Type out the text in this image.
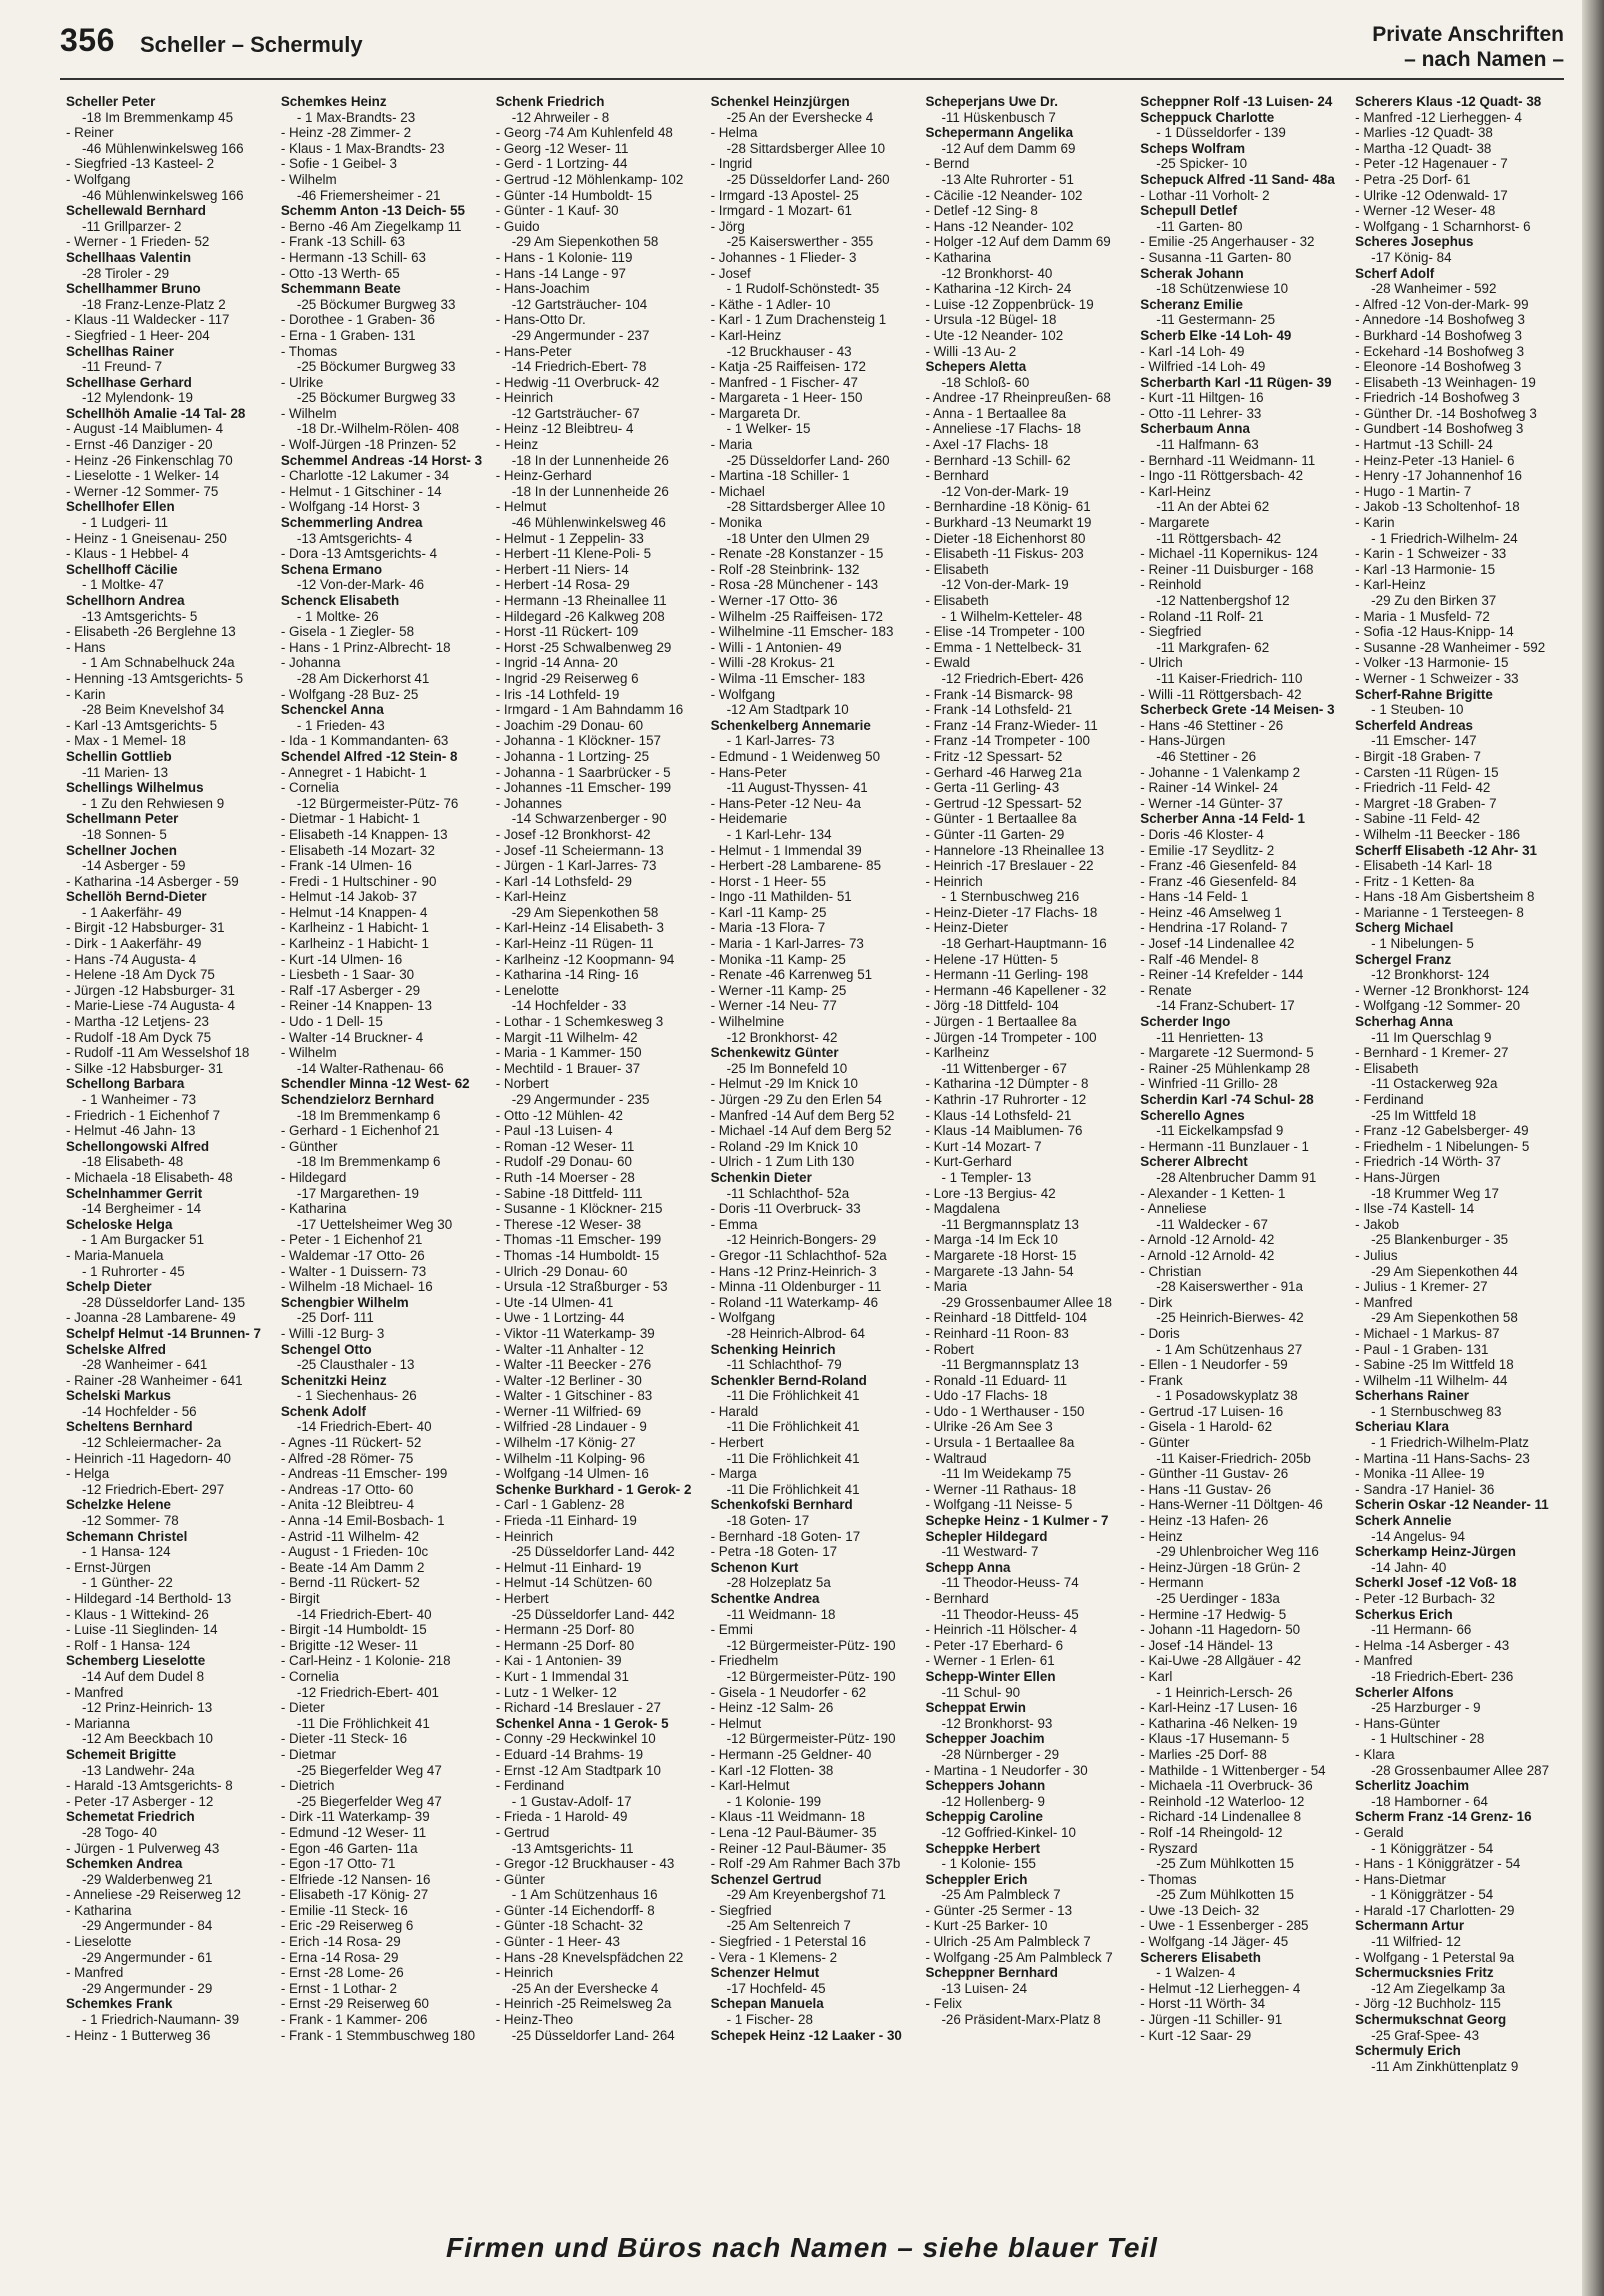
356 Scheller – Schermuly	Private Anschriften
– nach Namen –
Scheller Peter
-18 Im Bremmenkamp 45
- Reiner
-46 Mühlenwinkelsweg 166
- Siegfried -13 Kasteel- 2
- Wolfgang
-46 Mühlenwinkelsweg 166
Schellewald Bernhard
-11 Grillparzer- 2
- Werner - 1 Frieden- 52
Schellhaas Valentin
-28 Tiroler - 29
Schellhammer Bruno
-18 Franz-Lenze-Platz 2
- Klaus -11 Waldecker - 117
- Siegfried - 1 Heer- 204
Schellhas Rainer
-11 Freund- 7
Schellhase Gerhard
-12 Mylendonk- 19
Schellhöh Amalie -14 Tal- 28
- August -14 Maiblumen- 4
- Ernst -46 Danziger - 20
- Heinz -26 Finkenschlag 70
- Lieselotte - 1 Welker- 14
- Werner -12 Sommer- 75
Schellhofer Ellen
- 1 Ludgeri- 11
- Heinz - 1 Gneisenau- 250
- Klaus - 1 Hebbel- 4
Schellhoff Cäcilie
- 1 Moltke- 47
Schellhorn Andrea
-13 Amtsgerichts- 5
- Elisabeth -26 Berglehne 13
- Hans
- 1 Am Schnabelhuck 24a
- Henning -13 Amtsgerichts- 5
- Karin
-28 Beim Knevelshof 34
- Karl -13 Amtsgerichts- 5
- Max - 1 Memel- 18
Schellin Gottlieb
-11 Marien- 13
Schellings Wilhelmus
- 1 Zu den Rehwiesen 9
Schellmann Peter
-18 Sonnen- 5
Schellner Jochen
-14 Asberger - 59
- Katharina -14 Asberger - 59
Schellöh Bernd-Dieter
- 1 Aakerfähr- 49
- Birgit -12 Habsburger- 31
- Dirk - 1 Aakerfähr- 49
- Hans -74 Augusta- 4
- Helene -18 Am Dyck 75
- Jürgen -12 Habsburger- 31
- Marie-Liese -74 Augusta- 4
- Martha -12 Letjens- 23
- Rudolf -18 Am Dyck 75
- Rudolf -11 Am Wesselshof 18
- Silke -12 Habsburger- 31
Schellong Barbara
- 1 Wanheimer - 73
- Friedrich - 1 Eichenhof 7
- Helmut -46 Jahn- 13
Schellongowski Alfred
-18 Elisabeth- 48
- Michaela -18 Elisabeth- 48
Schelnhammer Gerrit
-14 Bergheimer - 14
Scheloske Helga
- 1 Am Burgacker 51
- Maria-Manuela
- 1 Ruhrorter - 45
Schelp Dieter
-28 Düsseldorfer Land- 135
- Joanna -28 Lambarene- 49
Schelpf Helmut -14 Brunnen- 7
Schelske Alfred
-28 Wanheimer - 641
- Rainer -28 Wanheimer - 641
Schelski Markus
-14 Hochfelder - 56
Scheltens Bernhard
-12 Schleiermacher- 2a
- Heinrich -11 Hagedorn- 40
- Helga
-12 Friedrich-Ebert- 297
Schelzke Helene
-12 Sommer- 78
Schemann Christel
- 1 Hansa- 124
- Ernst-Jürgen
- 1 Günther- 22
- Hildegard -14 Berthold- 13
- Klaus - 1 Wittekind- 26
- Luise -11 Sieglinden- 14
- Rolf - 1 Hansa- 124
Schemberg Lieselotte
-14 Auf dem Dudel 8
- Manfred
-12 Prinz-Heinrich- 13
- Marianna
-12 Am Beeckbach 10
Schemeit Brigitte
-13 Landwehr- 24a
- Harald -13 Amtsgerichts- 8
- Peter -17 Asberger - 12
Schemetat Friedrich
-28 Togo- 40
- Jürgen - 1 Pulverweg 43
Schemken Andrea
-29 Walderbenweg 21
- Anneliese -29 Reiserweg 12
- Katharina
-29 Angermunder - 84
- Lieselotte
-29 Angermunder - 61
- Manfred
-29 Angermunder - 29
Schemkes Frank
- 1 Friedrich-Naumann- 39
- Heinz - 1 Butterweg 36
Schemkes Heinz
- 1 Max-Brandts- 23
- Heinz -28 Zimmer- 2
- Klaus - 1 Max-Brandts- 23
- Sofie - 1 Geibel- 3
- Wilhelm
-46 Friemersheimer - 21
Schemm Anton -13 Deich- 55
- Berno -46 Am Ziegelkamp 11
- Frank -13 Schill- 63
- Hermann -13 Schill- 63
- Otto -13 Werth- 65
Schemmann Beate
-25 Böckumer Burgweg 33
- Dorothee - 1 Graben- 36
- Erna - 1 Graben- 131
- Thomas
-25 Böckumer Burgweg 33
- Ulrike
-25 Böckumer Burgweg 33
- Wilhelm
-18 Dr.-Wilhelm-Rölen- 408
- Wolf-Jürgen -18 Prinzen- 52
Schemmel Andreas -14 Horst- 3
- Charlotte -12 Lakumer - 34
- Helmut - 1 Gitschiner - 14
- Wolfgang -14 Horst- 3
Schemmerling Andrea
-13 Amtsgerichts- 4
- Dora -13 Amtsgerichts- 4
Schena Ermano
-12 Von-der-Mark- 46
Schenck Elisabeth
- 1 Moltke- 26
- Gisela - 1 Ziegler- 58
- Hans - 1 Prinz-Albrecht- 18
- Johanna
-28 Am Dickerhorst 41
- Wolfgang -28 Buz- 25
Schenckel Anna
- 1 Frieden- 43
- Ida - 1 Kommandanten- 63
Schendel Alfred -12 Stein- 8
- Annegret - 1 Habicht- 1
- Cornelia
-12 Bürgermeister-Pütz- 76
- Dietmar - 1 Habicht- 1
- Elisabeth -14 Knappen- 13
- Elisabeth -14 Mozart- 32
- Frank -14 Ulmen- 16
- Fredi - 1 Hultschiner - 90
- Helmut -14 Jakob- 37
- Helmut -14 Knappen- 4
- Karlheinz - 1 Habicht- 1
- Karlheinz - 1 Habicht- 1
- Kurt -14 Ulmen- 16
- Liesbeth - 1 Saar- 30
- Ralf -17 Asberger - 29
- Reiner -14 Knappen- 13
- Udo - 1 Dell- 15
- Walter -14 Bruckner- 4
- Wilhelm
-14 Walter-Rathenau- 66
Schendler Minna -12 West- 62
Schendzielorz Bernhard
-18 Im Bremmenkamp 6
- Gerhard - 1 Eichenhof 21
- Günther
-18 Im Bremmenkamp 6
- Hildegard
-17 Margarethen- 19
- Katharina
-17 Uettelsheimer Weg 30
- Peter - 1 Eichenhof 21
- Waldemar -17 Otto- 26
- Walter - 1 Duissern- 73
- Wilhelm -18 Michael- 16
Schengbier Wilhelm
-25 Dorf- 111
- Willi -12 Burg- 3
Schengel Otto
-25 Clausthaler - 13
Schenitzki Heinz
- 1 Siechenhaus- 26
Schenk Adolf
-14 Friedrich-Ebert- 40
- Agnes -11 Rückert- 52
- Alfred -28 Römer- 75
- Andreas -11 Emscher- 199
- Andreas -17 Otto- 60
- Anita -12 Bleibtreu- 4
- Anna -14 Emil-Bosbach- 1
- Astrid -11 Wilhelm- 42
- August - 1 Frieden- 10c
- Beate -14 Am Damm 2
- Bernd -11 Rückert- 52
- Birgit
-14 Friedrich-Ebert- 40
- Birgit -14 Humboldt- 15
- Brigitte -12 Weser- 11
- Carl-Heinz - 1 Kolonie- 218
- Cornelia
-12 Friedrich-Ebert- 401
- Dieter
-11 Die Fröhlichkeit 41
- Dieter -11 Steck- 16
- Dietmar
-25 Biegerfelder Weg 47
- Dietrich
-25 Biegerfelder Weg 47
- Dirk -11 Waterkamp- 39
- Edmund -12 Weser- 11
- Egon -46 Garten- 11a
- Egon -17 Otto- 71
- Elfriede -12 Nansen- 16
- Elisabeth -17 König- 27
- Emilie -11 Steck- 16
- Eric -29 Reiserweg 6
- Erich -14 Rosa- 29
- Erna -14 Rosa- 29
- Ernst -28 Lome- 26
- Ernst - 1 Lothar- 2
- Ernst -29 Reiserweg 60
- Frank - 1 Kammer- 206
- Frank - 1 Stemmbuschweg 180
Schenk Friedrich
-12 Ahrweiler - 8
- Georg -74 Am Kuhlenfeld 48
- Georg -12 Weser- 11
- Gerd - 1 Lortzing- 44
- Gertrud -12 Möhlenkamp- 102
- Günter -14 Humboldt- 15
- Günter - 1 Kauf- 30
- Guido
-29 Am Siepenkothen 58
- Hans - 1 Kolonie- 119
- Hans -14 Lange - 97
- Hans-Joachim
-12 Gartsträucher- 104
- Hans-Otto Dr.
-29 Angermunder - 237
- Hans-Peter
-14 Friedrich-Ebert- 78
- Hedwig -11 Overbruck- 42
- Heinrich
-12 Gartsträucher- 67
- Heinz -12 Bleibtreu- 4
- Heinz
-18 In der Lunnenheide 26
- Heinz-Gerhard
-18 In der Lunnenheide 26
- Helmut
-46 Mühlenwinkelsweg 46
- Helmut - 1 Zeppelin- 33
- Herbert -11 Klene-Poli- 5
- Herbert -11 Niers- 14
- Herbert -14 Rosa- 29
- Hermann -13 Rheinallee 11
- Hildegard -26 Kalkweg 208
- Horst -11 Rückert- 109
- Horst -25 Schwalbenweg 29
- Ingrid -14 Anna- 20
- Ingrid -29 Reiserweg 6
- Iris -14 Lothfeld- 19
- Irmgard - 1 Am Bahndamm 16
- Joachim -29 Donau- 60
- Johanna - 1 Klöckner- 157
- Johanna - 1 Lortzing- 25
- Johanna - 1 Saarbrücker - 5
- Johannes -11 Emscher- 199
- Johannes
-14 Schwarzenberger - 90
- Josef -12 Bronkhorst- 42
- Josef -11 Scheiermann- 13
- Jürgen - 1 Karl-Jarres- 73
- Karl -14 Lothsfeld- 29
- Karl-Heinz
-29 Am Siepenkothen 58
- Karl-Heinz -14 Elisabeth- 3
- Karl-Heinz -11 Rügen- 11
- Karlheinz -12 Koopmann- 94
- Katharina -14 Ring- 16
- Lenelotte
-14 Hochfelder - 33
- Lothar - 1 Schemkesweg 3
- Margit -11 Wilhelm- 42
- Maria - 1 Kammer- 150
- Mechtild - 1 Brauer- 37
- Norbert
-29 Angermunder - 235
- Otto -12 Mühlen- 42
- Paul -13 Luisen- 4
- Roman -12 Weser- 11
- Rudolf -29 Donau- 60
- Ruth -14 Moerser - 28
- Sabine -18 Dittfeld- 111
- Susanne - 1 Klöckner- 215
- Therese -12 Weser- 38
- Thomas -11 Emscher- 199
- Thomas -14 Humboldt- 15
- Ulrich -29 Donau- 60
- Ursula -12 Straßburger - 53
- Ute -14 Ulmen- 41
- Uwe - 1 Lortzing- 44
- Viktor -11 Waterkamp- 39
- Walter -11 Anhalter - 12
- Walter -11 Beecker - 276
- Walter -12 Berliner - 30
- Walter - 1 Gitschiner - 83
- Werner -11 Wilfried- 69
- Wilfried -28 Lindauer - 9
- Wilhelm -17 König- 27
- Wilhelm -11 Kolping- 96
- Wolfgang -14 Ulmen- 16
Schenke Burkhard - 1 Gerok- 2
- Carl - 1 Gablenz- 28
- Frieda -11 Einhard- 19
- Heinrich
-25 Düsseldorfer Land- 442
- Helmut -11 Einhard- 19
- Helmut -14 Schützen- 60
- Herbert
-25 Düsseldorfer Land- 442
- Hermann -25 Dorf- 80
- Hermann -25 Dorf- 80
- Kai - 1 Antonien- 39
- Kurt - 1 Immendal 31
- Lutz - 1 Welker- 12
- Richard -14 Breslauer - 27
Schenkel Anna - 1 Gerok- 5
- Conny -29 Heckwinkel 10
- Eduard -14 Brahms- 19
- Ernst -12 Am Stadtpark 10
- Ferdinand
- 1 Gustav-Adolf- 17
- Frieda - 1 Harold- 49
- Gertrud
-13 Amtsgerichts- 11
- Gregor -12 Bruckhauser - 43
- Günter
- 1 Am Schützenhaus 16
- Günter -14 Eichendorff- 8
- Günter -18 Schacht- 32
- Günter - 1 Heer- 43
- Hans -28 Knevelspfädchen 22
- Heinrich
-25 An der Evershecke 4
- Heinrich -25 Reimelsweg 2a
- Heinz-Theo
-25 Düsseldorfer Land- 264
Schenkel Heinzjürgen
-25 An der Evershecke 4
- Helma
-28 Sittardsberger Allee 10
- Ingrid
-25 Düsseldorfer Land- 260
- Irmgard -13 Apostel- 25
- Irmgard - 1 Mozart- 61
- Jörg
-25 Kaiserswerther - 355
- Johannes - 1 Flieder- 3
- Josef
- 1 Rudolf-Schönstedt- 35
- Käthe - 1 Adler- 10
- Karl - 1 Zum Drachensteig 1
- Karl-Heinz
-12 Bruckhauser - 43
- Katja -25 Raiffeisen- 172
- Manfred - 1 Fischer- 47
- Margareta - 1 Heer- 150
- Margareta Dr.
- 1 Welker- 15
- Maria
-25 Düsseldorfer Land- 260
- Martina -18 Schiller- 1
- Michael
-28 Sittardsberger Allee 10
- Monika
-18 Unter den Ulmen 29
- Renate -28 Konstanzer - 15
- Rolf -28 Steinbrink- 132
- Rosa -28 Münchener - 143
- Werner -17 Otto- 36
- Wilhelm -25 Raiffeisen- 172
- Wilhelmine -11 Emscher- 183
- Willi - 1 Antonien- 49
- Willi -28 Krokus- 21
- Wilma -11 Emscher- 183
- Wolfgang
-12 Am Stadtpark 10
Schenkelberg Annemarie
- 1 Karl-Jarres- 73
- Edmund - 1 Weidenweg 50
- Hans-Peter
-11 August-Thyssen- 41
- Hans-Peter -12 Neu- 4a
- Heidemarie
- 1 Karl-Lehr- 134
- Helmut - 1 Immendal 39
- Herbert -28 Lambarene- 85
- Horst - 1 Heer- 55
- Ingo -11 Mathilden- 51
- Karl -11 Kamp- 25
- Maria -13 Flora- 7
- Maria - 1 Karl-Jarres- 73
- Monika -11 Kamp- 25
- Renate -46 Karrenweg 51
- Werner -11 Kamp- 25
- Werner -14 Neu- 77
- Wilhelmine
-12 Bronkhorst- 42
Schenkewitz Günter
-25 Im Bonnefeld 10
- Helmut -29 Im Knick 10
- Jürgen -29 Zu den Erlen 54
- Manfred -14 Auf dem Berg 52
- Michael -14 Auf dem Berg 52
- Roland -29 Im Knick 10
- Ulrich - 1 Zum Lith 130
Schenkin Dieter
-11 Schlachthof- 52a
- Doris -11 Overbruck- 33
- Emma
-12 Heinrich-Bongers- 29
- Gregor -11 Schlachthof- 52a
- Hans -12 Prinz-Heinrich- 3
- Minna -11 Oldenburger - 11
- Roland -11 Waterkamp- 46
- Wolfgang
-28 Heinrich-Albrod- 64
Schenking Heinrich
-11 Schlachthof- 79
Schenkler Bernd-Roland
-11 Die Fröhlichkeit 41
- Harald
-11 Die Fröhlichkeit 41
- Herbert
-11 Die Fröhlichkeit 41
- Marga
-11 Die Fröhlichkeit 41
Schenkofski Bernhard
-18 Goten- 17
- Bernhard -18 Goten- 17
- Petra -18 Goten- 17
Schenon Kurt
-28 Holzeplatz 5a
Schentke Andrea
-11 Weidmann- 18
- Emmi
-12 Bürgermeister-Pütz- 190
- Friedhelm
-12 Bürgermeister-Pütz- 190
- Gisela - 1 Neudorfer - 62
- Heinz -12 Salm- 26
- Helmut
-12 Bürgermeister-Pütz- 190
- Hermann -25 Geldner- 40
- Karl -12 Flotten- 38
- Karl-Helmut
- 1 Kolonie- 199
- Klaus -11 Weidmann- 18
- Lena -12 Paul-Bäumer- 35
- Reiner -12 Paul-Bäumer- 35
- Rolf -29 Am Rahmer Bach 37b
Schenzel Gertrud
-29 Am Kreyenbergshof 71
- Siegfried
-25 Am Seltenreich 7
- Siegfried - 1 Peterstal 16
- Vera - 1 Klemens- 2
Schenzer Helmut
-17 Hochfeld- 45
Schepan Manuela
- 1 Fischer- 28
Schepek Heinz -12 Laaker - 30
Scheperjans Uwe Dr.
-11 Hüskenbusch 7
Schepermann Angelika
-12 Auf dem Damm 69
- Bernd
-13 Alte Ruhrorter - 51
- Cäcilie -12 Neander- 102
- Detlef -12 Sing- 8
- Hans -12 Neander- 102
- Holger -12 Auf dem Damm 69
- Katharina
-12 Bronkhorst- 40
- Katharina -12 Kirch- 24
- Luise -12 Zoppenbrück- 19
- Ursula -12 Bügel- 18
- Ute -12 Neander- 102
- Willi -13 Au- 2
Schepers Aletta
-18 Schloß- 60
- Andree -17 Rheinpreußen- 68
- Anna - 1 Bertaallee 8a
- Anneliese -17 Flachs- 18
- Axel -17 Flachs- 18
- Bernhard -13 Schill- 62
- Bernhard
-12 Von-der-Mark- 19
- Bernhardine -18 König- 61
- Burkhard -13 Neumarkt 19
- Dieter -18 Eichenhorst 80
- Elisabeth -11 Fiskus- 203
- Elisabeth
-12 Von-der-Mark- 19
- Elisabeth
- 1 Wilhelm-Ketteler- 48
- Elise -14 Trompeter - 100
- Emma - 1 Nettelbeck- 31
- Ewald
-12 Friedrich-Ebert- 426
- Frank -14 Bismarck- 98
- Frank -14 Lothsfeld- 21
- Franz -14 Franz-Wieder- 11
- Franz -14 Trompeter - 100
- Fritz -12 Spessart- 52
- Gerhard -46 Harweg 21a
- Gerta -11 Gerling- 43
- Gertrud -12 Spessart- 52
- Günter - 1 Bertaallee 8a
- Günter -11 Garten- 29
- Hannelore -13 Rheinallee 13
- Heinrich -17 Breslauer - 22
- Heinrich
- 1 Sternbuschweg 216
- Heinz-Dieter -17 Flachs- 18
- Heinz-Dieter
-18 Gerhart-Hauptmann- 16
- Helene -17 Hütten- 5
- Hermann -11 Gerling- 198
- Hermann -46 Kapellener - 32
- Jörg -18 Dittfeld- 104
- Jürgen - 1 Bertaallee 8a
- Jürgen -14 Trompeter - 100
- Karlheinz
-11 Wittenberger - 67
- Katharina -12 Dümpter - 8
- Kathrin -17 Ruhrorter - 12
- Klaus -14 Lothsfeld- 21
- Klaus -14 Maiblumen- 76
- Kurt -14 Mozart- 7
- Kurt-Gerhard
- 1 Templer- 13
- Lore -13 Bergius- 42
- Magdalena
-11 Bergmannsplatz 13
- Marga -14 Im Eck 10
- Margarete -18 Horst- 15
- Margarete -13 Jahn- 54
- Maria
-29 Grossenbaumer Allee 18
- Reinhard -18 Dittfeld- 104
- Reinhard -11 Roon- 83
- Robert
-11 Bergmannsplatz 13
- Ronald -11 Eduard- 11
- Udo -17 Flachs- 18
- Udo - 1 Werthauser - 150
- Ulrike -26 Am See 3
- Ursula - 1 Bertaallee 8a
- Waltraud
-11 Im Weidekamp 75
- Werner -11 Rathaus- 18
- Wolfgang -11 Neisse- 5
Schepke Heinz - 1 Kulmer - 7
Schepler Hildegard
-11 Westward- 7
Schepp Anna
-11 Theodor-Heuss- 74
- Bernhard
-11 Theodor-Heuss- 45
- Heinrich -11 Hölscher- 4
- Peter -17 Eberhard- 6
- Werner - 1 Erlen- 61
Schepp-Winter Ellen
-11 Schul- 90
Scheppat Erwin
-12 Bronkhorst- 93
Schepper Joachim
-28 Nürnberger - 29
- Martina - 1 Neudorfer - 30
Scheppers Johann
-12 Hollenberg- 9
Scheppig Caroline
-12 Goffried-Kinkel- 10
Scheppke Herbert
- 1 Kolonie- 155
Scheppler Erich
-25 Am Palmbleck 7
- Günter -25 Sermer - 13
- Kurt -25 Barker- 10
- Ulrich -25 Am Palmbleck 7
- Wolfgang -25 Am Palmbleck 7
Scheppner Bernhard
-13 Luisen- 24
- Felix
-26 Präsident-Marx-Platz 8
Scheppner Rolf -13 Luisen- 24
Scheppuck Charlotte
- 1 Düsseldorfer - 139
Scheps Wolfram
-25 Spicker- 10
Schepuck Alfred -11 Sand- 48a
- Lothar -11 Vorholt- 2
Schepull Detlef
-11 Garten- 80
- Emilie -25 Angerhauser - 32
- Susanna -11 Garten- 80
Scherak Johann
-18 Schützenwiese 10
Scheranz Emilie
-11 Gestermann- 25
Scherb Elke -14 Loh- 49
- Karl -14 Loh- 49
- Wilfried -14 Loh- 49
Scherbarth Karl -11 Rügen- 39
- Kurt -11 Hiltgen- 16
- Otto -11 Lehrer- 33
Scherbaum Anna
-11 Halfmann- 63
- Bernhard -11 Weidmann- 11
- Ingo -11 Röttgersbach- 42
- Karl-Heinz
-11 An der Abtei 62
- Margarete
-11 Röttgersbach- 42
- Michael -11 Kopernikus- 124
- Reiner -11 Duisburger - 168
- Reinhold
-12 Nattenbergshof 12
- Roland -11 Rolf- 21
- Siegfried
-11 Markgrafen- 62
- Ulrich
-11 Kaiser-Friedrich- 110
- Willi -11 Röttgersbach- 42
Scherbeck Grete -14 Meisen- 3
- Hans -46 Stettiner - 26
- Hans-Jürgen
-46 Stettiner - 26
- Johanne - 1 Valenkamp 2
- Rainer -14 Winkel- 24
- Werner -14 Günter- 37
Scherber Anna -14 Feld- 1
- Doris -46 Kloster- 4
- Emilie -17 Seydlitz- 2
- Franz -46 Giesenfeld- 84
- Franz -46 Giesenfeld- 84
- Hans -14 Feld- 1
- Heinz -46 Amselweg 1
- Hendrina -17 Roland- 7
- Josef -14 Lindenallee 42
- Ralf -46 Mendel- 8
- Reiner -14 Krefelder - 144
- Renate
-14 Franz-Schubert- 17
Scherder Ingo
-11 Henrietten- 13
- Margarete -12 Suermond- 5
- Rainer -25 Mühlenkamp 28
- Winfried -11 Grillo- 28
Scherdin Karl -74 Schul- 28
Scherello Agnes
-11 Eickelkampsfad 9
- Hermann -11 Bunzlauer - 1
Scherer Albrecht
-28 Altenbrucher Damm 91
- Alexander - 1 Ketten- 1
- Anneliese
-11 Waldecker - 67
- Arnold -12 Arnold- 42
- Arnold -12 Arnold- 42
- Christian
-28 Kaiserswerther - 91a
- Dirk
-25 Heinrich-Bierwes- 42
- Doris
- 1 Am Schützenhaus 27
- Ellen - 1 Neudorfer - 59
- Frank
- 1 Posadowskyplatz 38
- Gertrud -17 Luisen- 16
- Gisela - 1 Harold- 62
- Günter
-11 Kaiser-Friedrich- 205b
- Günther -11 Gustav- 26
- Hans -11 Gustav- 26
- Hans-Werner -11 Döltgen- 46
- Heinz -13 Hafen- 26
- Heinz
-29 Uhlenbroicher Weg 116
- Heinz-Jürgen -18 Grün- 2
- Hermann
-25 Uerdinger - 183a
- Hermine -17 Hedwig- 5
- Johann -11 Hagedorn- 50
- Josef -14 Händel- 13
- Kai-Uwe -28 Allgäuer - 42
- Karl
- 1 Heinrich-Lersch- 26
- Karl-Heinz -17 Lusen- 16
- Katharina -46 Nelken- 19
- Klaus -17 Husemann- 5
- Marlies -25 Dorf- 88
- Mathilde - 1 Wittenberger - 54
- Michaela -11 Overbruck- 36
- Reinhold -12 Waterloo- 12
- Richard -14 Lindenallee 8
- Rolf -14 Rheingold- 12
- Ryszard
-25 Zum Mühlkotten 15
- Thomas
-25 Zum Mühlkotten 15
- Uwe -13 Deich- 32
- Uwe - 1 Essenberger - 285
- Wolfgang -14 Jäger- 45
Scherers Elisabeth
- 1 Walzen- 4
- Helmut -12 Lierheggen- 4
- Horst -11 Wörth- 34
- Jürgen -11 Schiller- 91
- Kurt -12 Saar- 29
Scherers Klaus -12 Quadt- 38
- Manfred -12 Lierheggen- 4
- Marlies -12 Quadt- 38
- Martha -12 Quadt- 38
- Peter -12 Hagenauer - 7
- Petra -25 Dorf- 61
- Ulrike -12 Odenwald- 17
- Werner -12 Weser- 48
- Wolfgang - 1 Scharnhorst- 6
Scheres Josephus
-17 König- 84
Scherf Adolf
-28 Wanheimer - 592
- Alfred -12 Von-der-Mark- 99
- Annedore -14 Boshofweg 3
- Burkhard -14 Boshofweg 3
- Eckehard -14 Boshofweg 3
- Eleonore -14 Boshofweg 3
- Elisabeth -13 Weinhagen- 19
- Friedrich -14 Boshofweg 3
- Günther Dr. -14 Boshofweg 3
- Gundbert -14 Boshofweg 3
- Hartmut -13 Schill- 24
- Heinz-Peter -13 Haniel- 6
- Henry -17 Johannenhof 16
- Hugo - 1 Martin- 7
- Jakob -13 Scholtenhof- 18
- Karin
- 1 Friedrich-Wilhelm- 24
- Karin - 1 Schweizer - 33
- Karl -13 Harmonie- 15
- Karl-Heinz
-29 Zu den Birken 37
- Maria - 1 Musfeld- 72
- Sofia -12 Haus-Knipp- 14
- Susanne -28 Wanheimer - 592
- Volker -13 Harmonie- 15
- Werner - 1 Schweizer - 33
Scherf-Rahne Brigitte
- 1 Steuben- 10
Scherfeld Andreas
-11 Emscher- 147
- Birgit -18 Graben- 7
- Carsten -11 Rügen- 15
- Friedrich -11 Feld- 42
- Margret -18 Graben- 7
- Sabine -11 Feld- 42
- Wilhelm -11 Beecker - 186
Scherff Elisabeth -12 Ahr- 31
- Elisabeth -14 Karl- 18
- Fritz - 1 Ketten- 8a
- Hans -18 Am Gisbertsheim 8
- Marianne - 1 Tersteegen- 8
Scherg Michael
- 1 Nibelungen- 5
Schergel Franz
-12 Bronkhorst- 124
- Werner -12 Bronkhorst- 124
- Wolfgang -12 Sommer- 20
Scherhag Anna
-11 Im Querschlag 9
- Bernhard - 1 Kremer- 27
- Elisabeth
-11 Ostackerweg 92a
- Ferdinand
-25 Im Wittfeld 18
- Franz -12 Gabelsberger- 49
- Friedhelm - 1 Nibelungen- 5
- Friedrich -14 Wörth- 37
- Hans-Jürgen
-18 Krummer Weg 17
- Ilse -74 Kastell- 14
- Jakob
-25 Blankenburger - 35
- Julius
-29 Am Siepenkothen 44
- Julius - 1 Kremer- 27
- Manfred
-29 Am Siepenkothen 58
- Michael - 1 Markus- 87
- Paul - 1 Graben- 131
- Sabine -25 Im Wittfeld 18
- Wilhelm -11 Wilhelm- 44
Scherhans Rainer
- 1 Sternbuschweg 83
Scheriau Klara
- 1 Friedrich-Wilhelm-Platz
- Martina -11 Hans-Sachs- 23
- Monika -11 Allee- 19
- Sandra -17 Haniel- 36
Scherin Oskar -12 Neander- 11
Scherk Annelie
-14 Angelus- 94
Scherkamp Heinz-Jürgen
-14 Jahn- 40
Scherkl Josef -12 Voß- 18
- Peter -12 Burbach- 32
Scherkus Erich
-11 Hermann- 66
- Helma -14 Asberger - 43
- Manfred
-18 Friedrich-Ebert- 236
Scherler Alfons
-25 Harzburger - 9
- Hans-Günter
- 1 Hultschiner - 28
- Klara
-28 Grossenbaumer Allee 287
Scherlitz Joachim
-18 Hamborner - 64
Scherm Franz -14 Grenz- 16
- Gerald
- 1 Königgrätzer - 54
- Hans - 1 Königgrätzer - 54
- Hans-Dietmar
- 1 Königgrätzer - 54
- Harald -17 Charlotten- 29
Schermann Artur
-11 Wilfried- 12
- Wolfgang - 1 Peterstal 9a
Schermucksnies Fritz
-12 Am Ziegelkamp 3a
- Jörg -12 Buchholz- 115
Schermukschnat Georg
-25 Graf-Spee- 43
Schermuly Erich
-11 Am Zinkhüttenplatz 9
Firmen und Büros nach Namen – siehe blauer Teil
